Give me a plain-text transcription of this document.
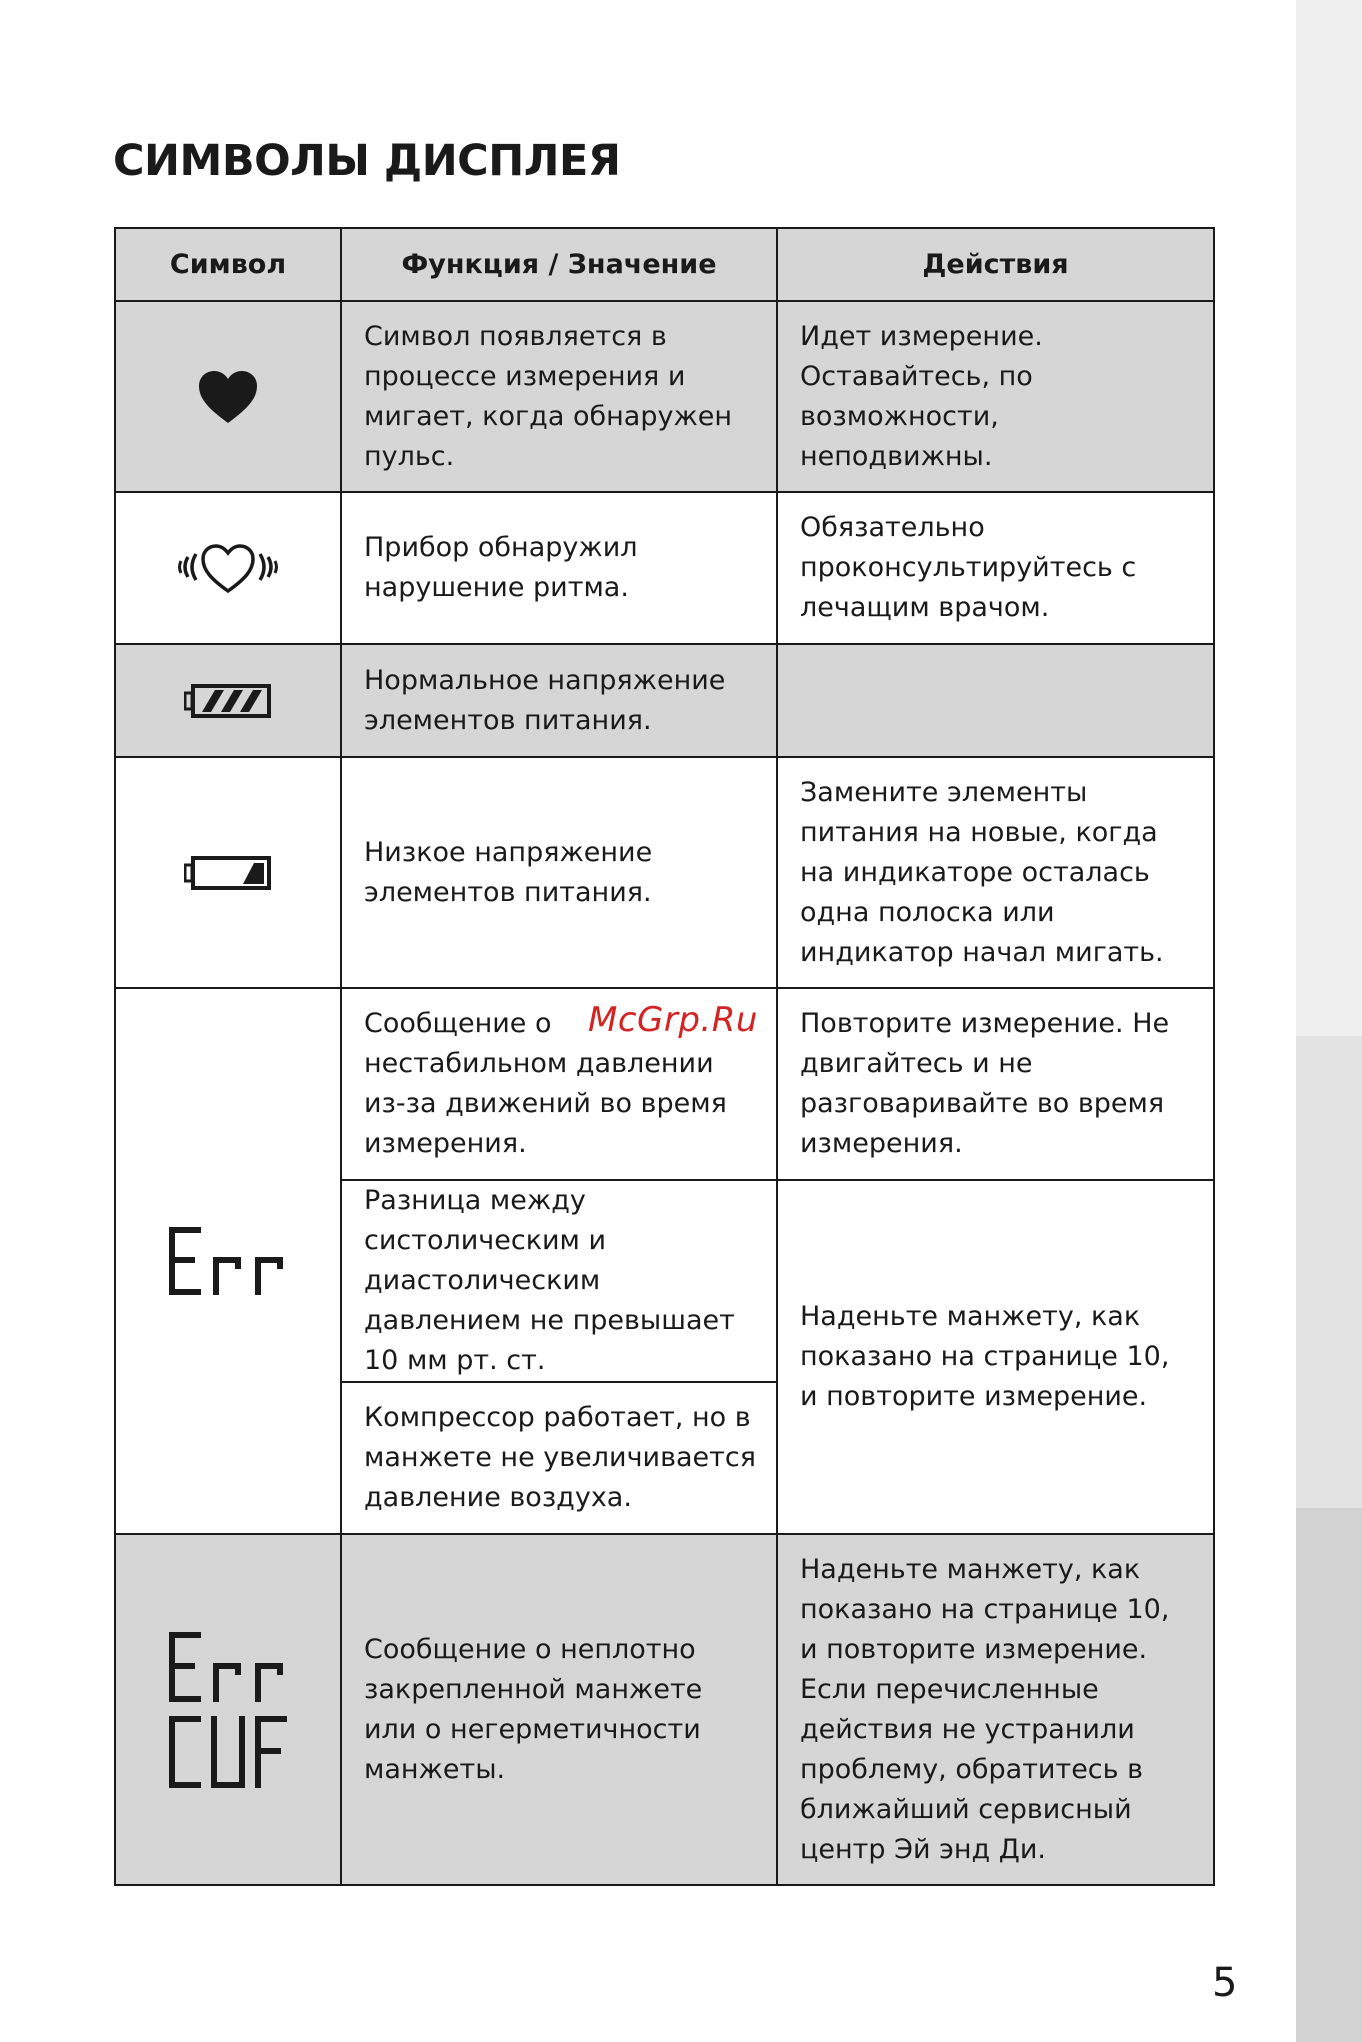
СИМВОЛЫ ДИСПЛЕЯ
Символ	Функция / Значение	Действия
	Символ появляется в процессе измерения и мигает, когда обнаружен пульс.	Идет измерение. Оставайтесь, по возможности, неподвижны.
	Прибор обнаружил нарушение ритма.	Обязательно проконсультируйтесь с лечащим врачом.
	Нормальное напряжение элементов питания.	
	Низкое напряжение элементов питания.	Замените элементы питания на новые, когда на индикаторе осталась одна полоска или индикатор начал мигать.

	Сообщение о нестабильном давлении из-за движений во время измерения.	Повторите измерение. Не двигайтесь и не разговаривайте во время измерения.
	Разница между систолическим и диастолическим давлением не превышает 10 мм рт. ст.	Наденьте манжету, как показано на странице 10, и повторите измерение.
	Компрессор работает, но в манжете не увеличивается давление воздуха.	

	Сообщение о неплотно закрепленной манжете или о негерметичности манжеты.	Наденьте манжету, как показано на странице 10, и повторите измерение. Если перечисленные действия не устранили проблему, обратитесь в ближайший сервисный центр Эй энд Ди.
McGrp.Ru
5
